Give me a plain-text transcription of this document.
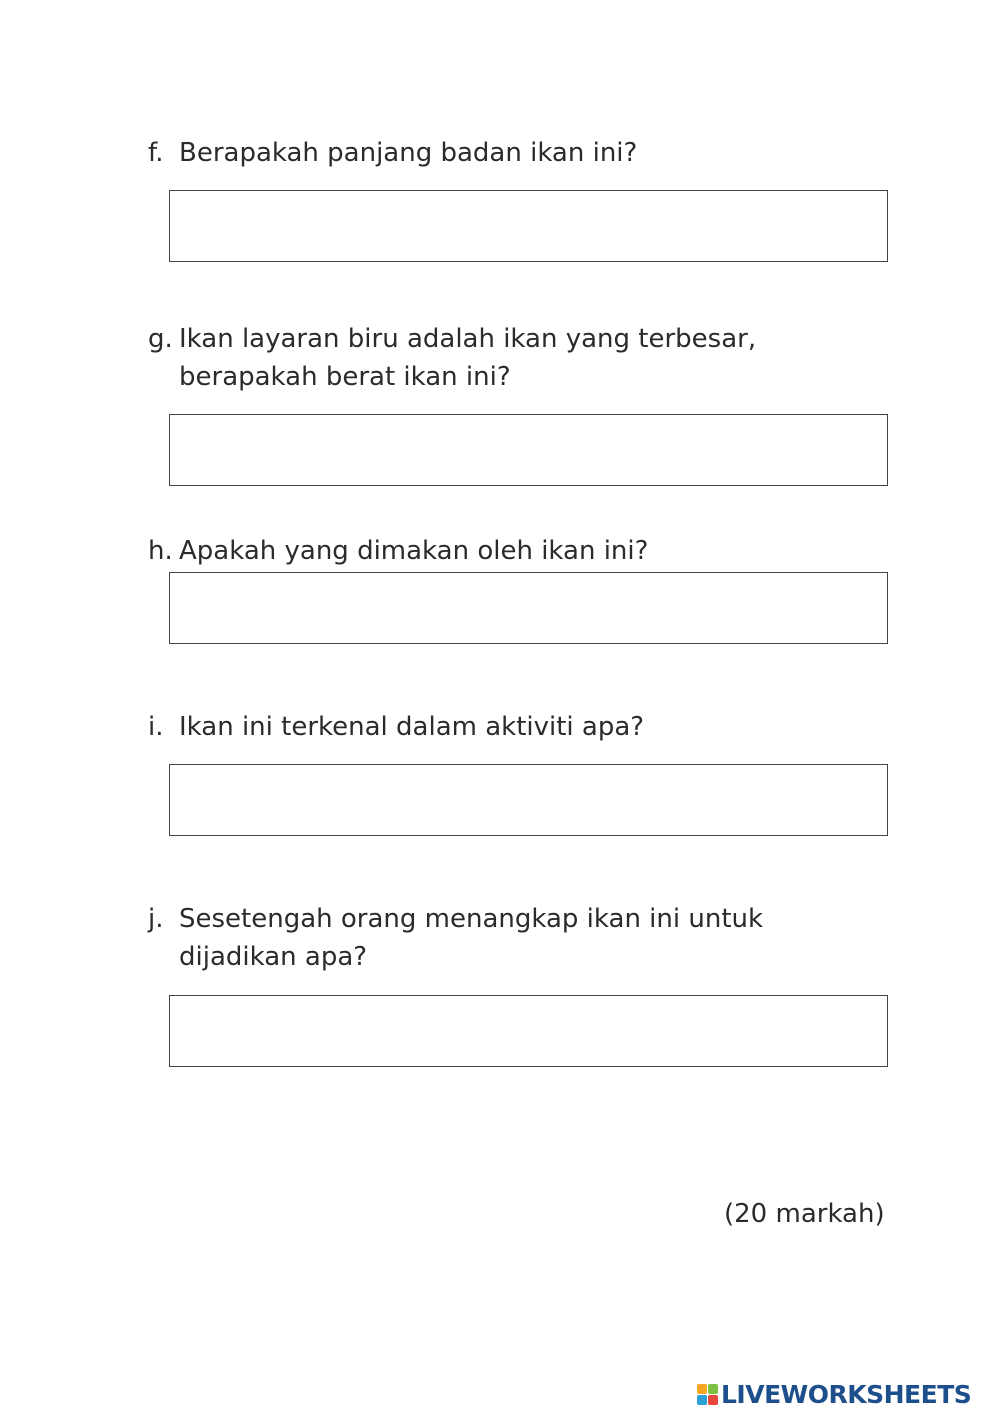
f. Berapakah panjang badan ikan ini?
g. Ikan layaran biru adalah ikan yang terbesar,
berapakah berat ikan ini?
h. Apakah yang dimakan oleh ikan ini?
i. Ikan ini terkenal dalam aktiviti apa?
j. Sesetengah orang menangkap ikan ini untuk
dijadikan apa?
(20 markah)
LIVEWORKSHEETS
